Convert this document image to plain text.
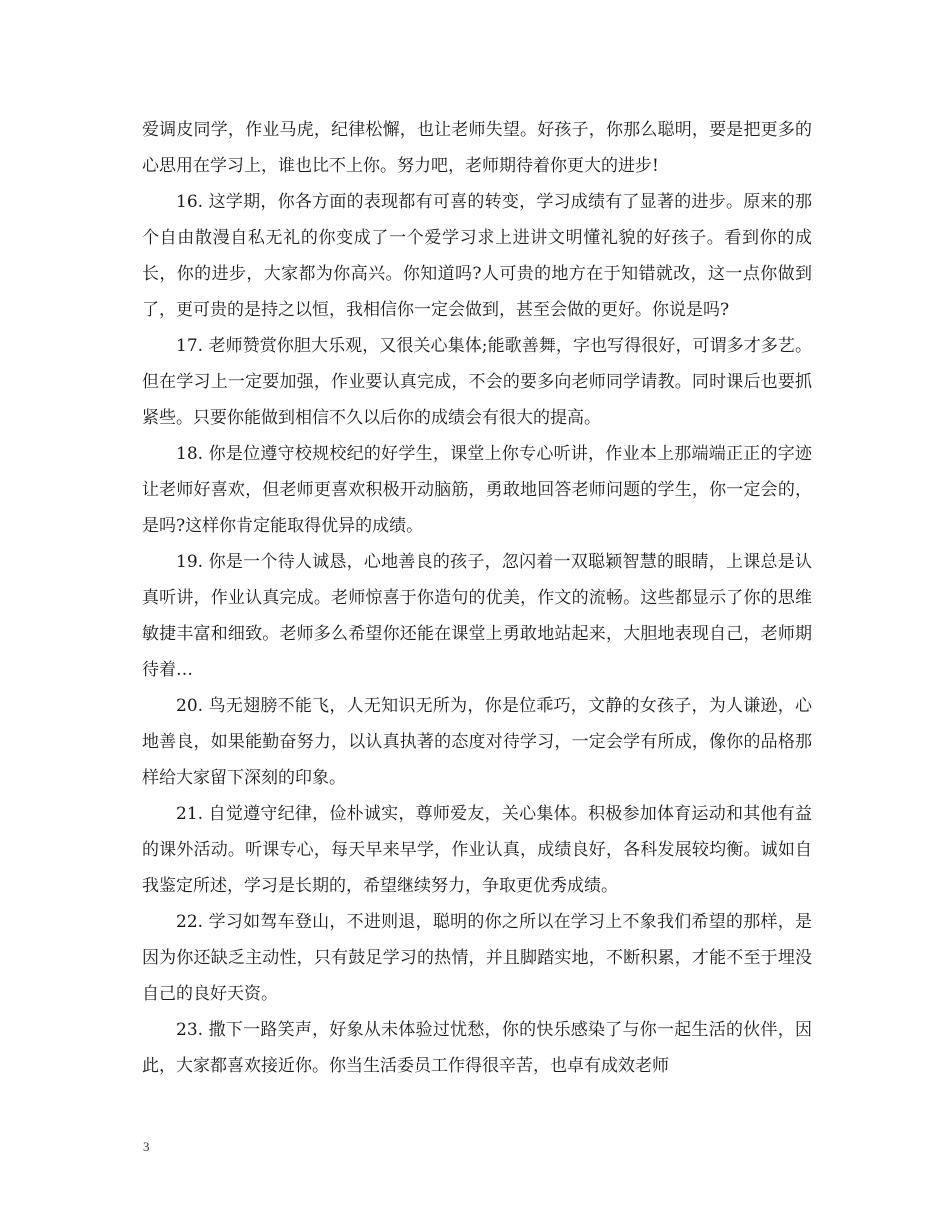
爱调皮同学，作业马虎，纪律松懈，也让老师失望。好孩子，你那么聪明，要是把更多的心思用在学习上，谁也比不上你。努力吧，老师期待着你更大的进步!

16. 这学期，你各方面的表现都有可喜的转变，学习成绩有了显著的进步。原来的那个自由散漫自私无礼的你变成了一个爱学习求上进讲文明懂礼貌的好孩子。看到你的成长，你的进步，大家都为你高兴。你知道吗?人可贵的地方在于知错就改，这一点你做到了，更可贵的是持之以恒，我相信你一定会做到，甚至会做的更好。你说是吗?

17. 老师赞赏你胆大乐观，又很关心集体;能歌善舞，字也写得很好，可谓多才多艺。但在学习上一定要加强，作业要认真完成，不会的要多向老师同学请教。同时课后也要抓紧些。只要你能做到相信不久以后你的成绩会有很大的提高。

18. 你是位遵守校规校纪的好学生，课堂上你专心听讲，作业本上那端端正正的字迹让老师好喜欢，但老师更喜欢积极开动脑筋，勇敢地回答老师问题的学生，你一定会的，是吗?这样你肯定能取得优异的成绩。

19. 你是一个待人诚恳，心地善良的孩子，忽闪着一双聪颖智慧的眼睛，上课总是认真听讲，作业认真完成。老师惊喜于你造句的优美，作文的流畅。这些都显示了你的思维敏捷丰富和细致。老师多么希望你还能在课堂上勇敢地站起来，大胆地表现自己，老师期待着…

20. 鸟无翅膀不能飞，人无知识无所为，你是位乖巧，文静的女孩子，为人谦逊，心地善良，如果能勤奋努力，以认真执著的态度对待学习，一定会学有所成，像你的品格那样给大家留下深刻的印象。

21. 自觉遵守纪律，俭朴诚实，尊师爱友，关心集体。积极参加体育运动和其他有益的课外活动。听课专心，每天早来早学，作业认真，成绩良好，各科发展较均衡。诚如自我鉴定所述，学习是长期的，希望继续努力，争取更优秀成绩。

22. 学习如驾车登山，不进则退，聪明的你之所以在学习上不象我们希望的那样，是因为你还缺乏主动性，只有鼓足学习的热情，并且脚踏实地，不断积累，才能不至于埋没自己的良好天资。

23. 撒下一路笑声，好象从未体验过忧愁，你的快乐感染了与你一起生活的伙伴，因此，大家都喜欢接近你。你当生活委员工作得很辛苦，也卓有成效老师

3
